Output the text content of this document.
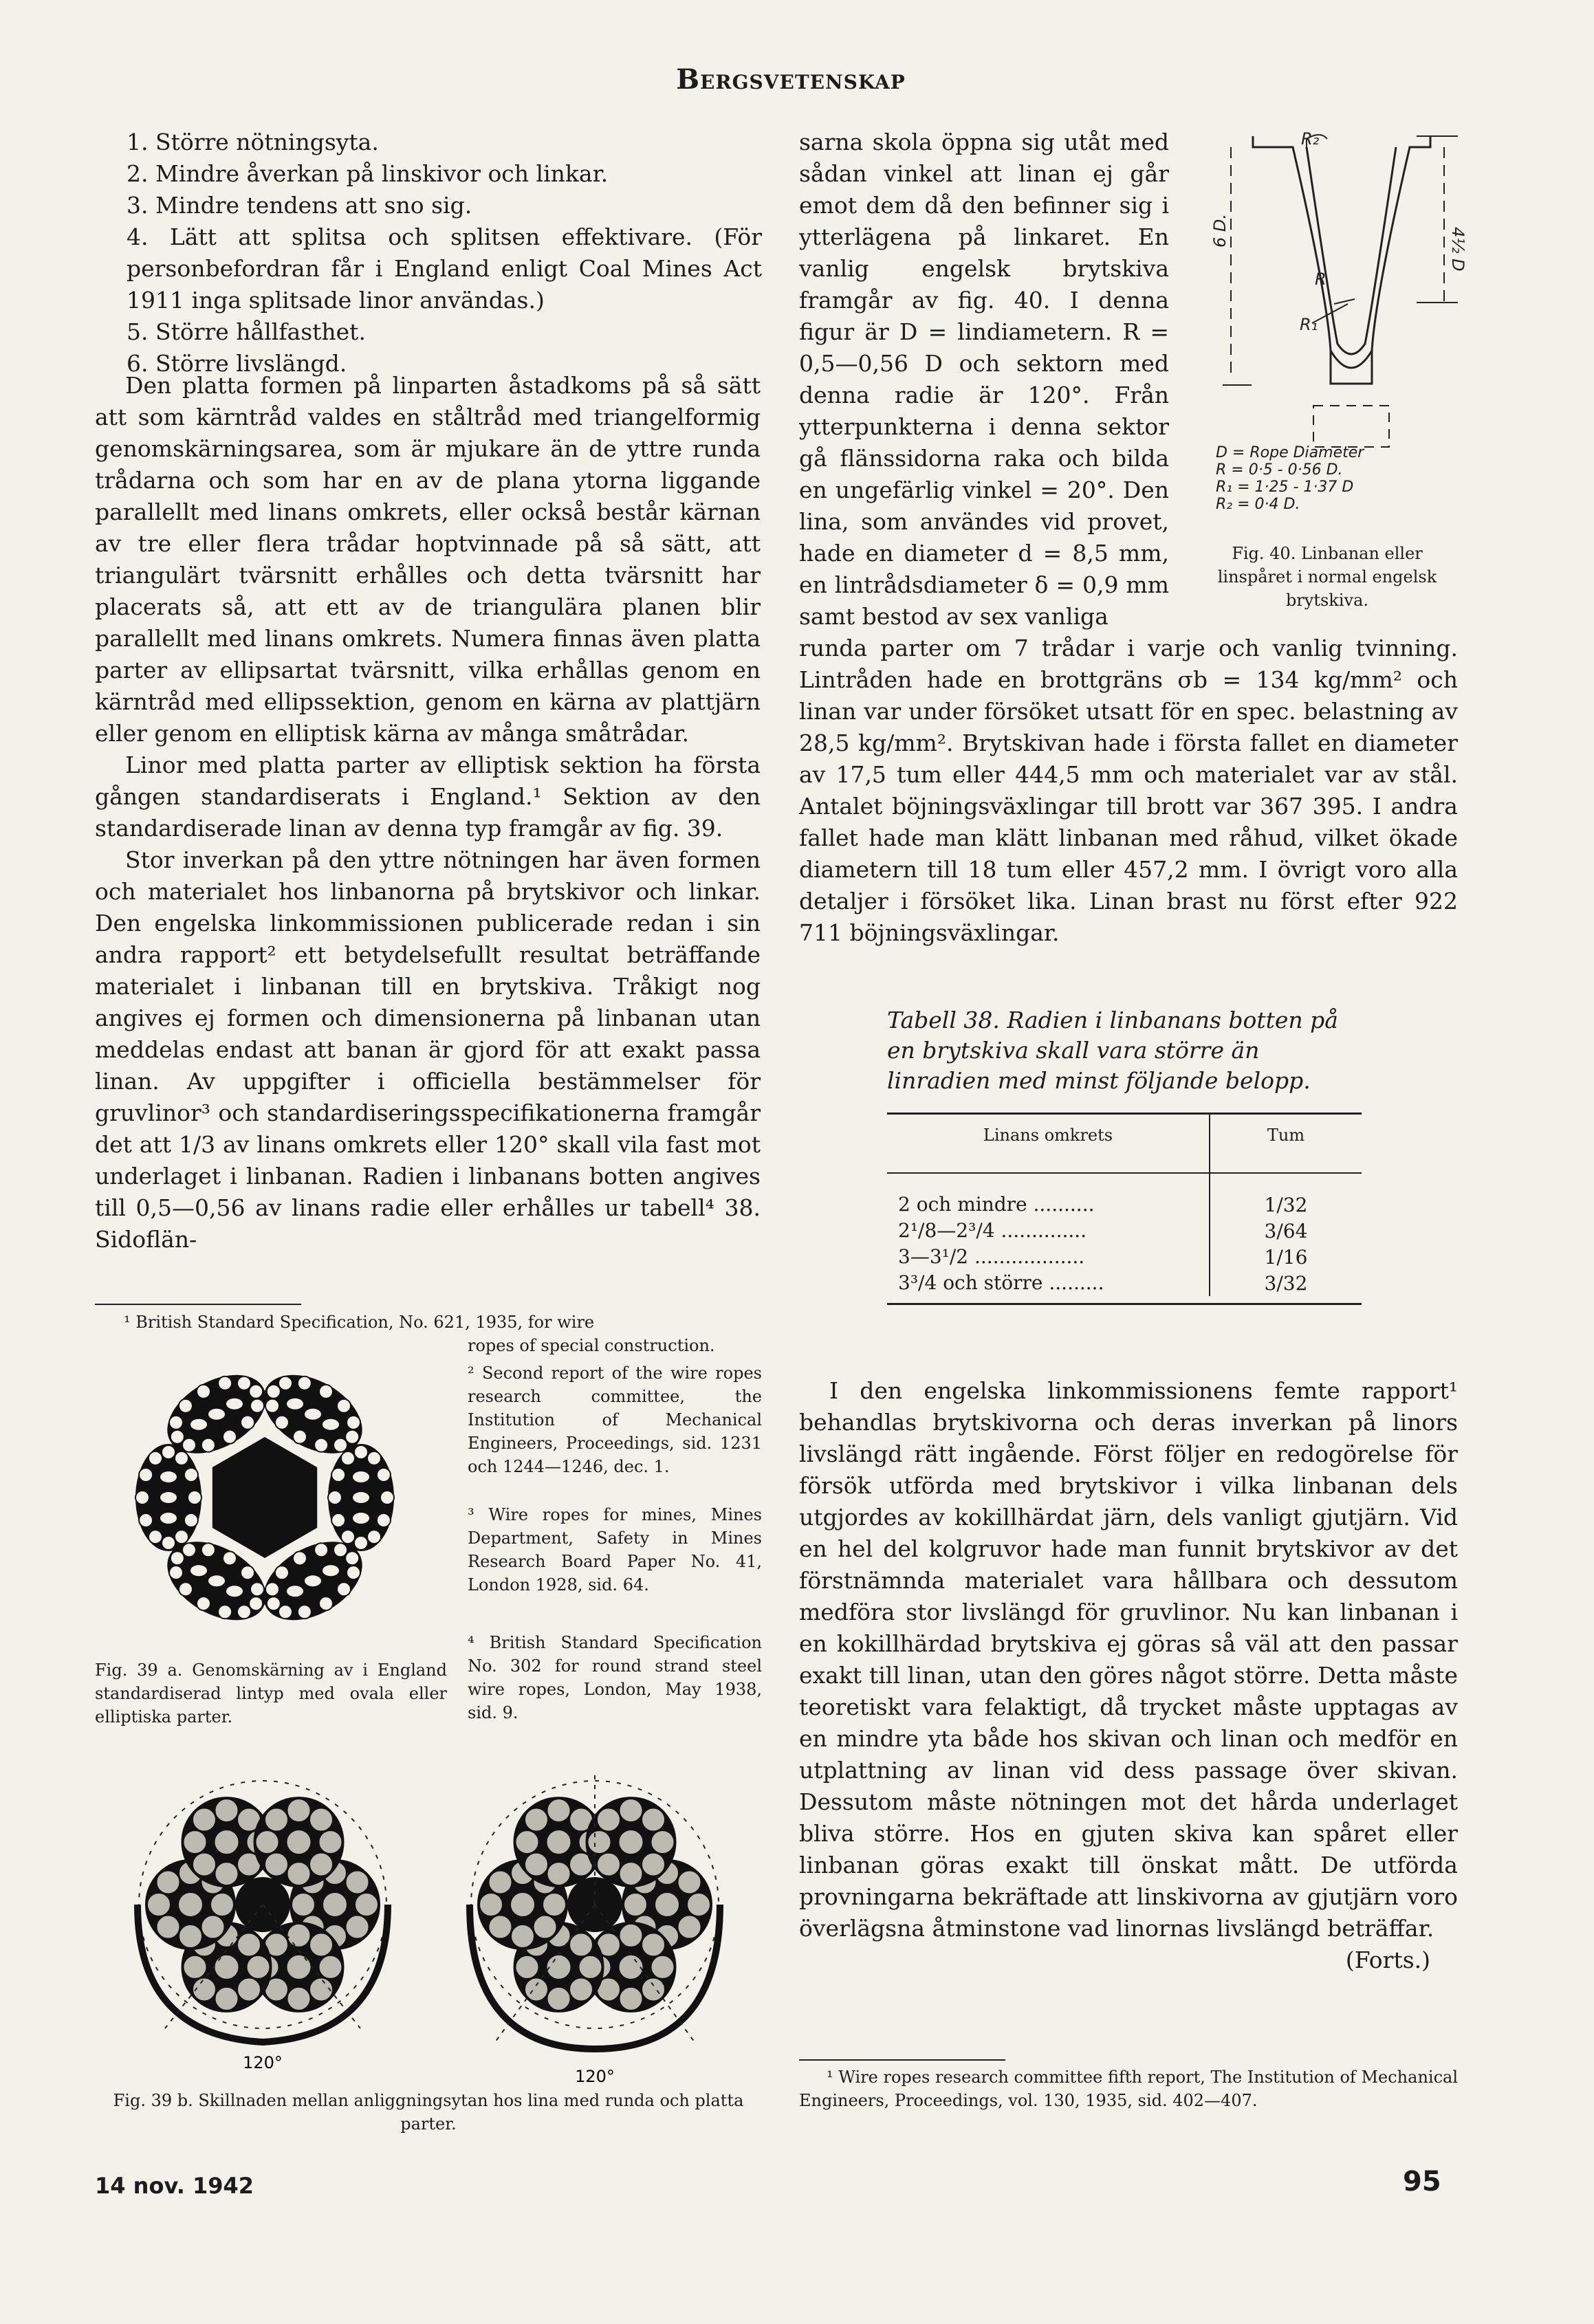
Bergsvetenskap
1. Större nötningsyta.
2. Mindre åverkan på linskivor och linkar.
3. Mindre tendens att sno sig.
4. Lätt att splitsa och splitsen effektivare. (För personbefordran får i England enligt Coal Mines Act 1911 inga splitsade linor användas.)
5. Större hållfasthet.
6. Större livslängd.

Den platta formen på linparten åstadkoms på så sätt att som kärntråd valdes en ståltråd med triangelformig genomskärningsarea, som är mjukare än de yttre runda trådarna och som har en av de plana ytorna liggande parallellt med linans omkrets, eller också består kärnan av tre eller flera trådar hoptvinnade på så sätt, att triangulärt tvärsnitt erhålles och detta tvärsnitt har placerats så, att ett av de triangulära planen blir parallellt med linans omkrets. Numera finnas även platta parter av ellipsartat tvärsnitt, vilka erhållas genom en kärntråd med ellipssektion, genom en kärna av plattjärn eller genom en elliptisk kärna av många småtrådar.

Linor med platta parter av elliptisk sektion ha första gången standardiserats i England.¹ Sektion av den standardiserade linan av denna typ framgår av fig. 39.

Stor inverkan på den yttre nötningen har även formen och materialet hos linbanorna på brytskivor och linkar. Den engelska linkommissionen publicerade redan i sin andra rapport² ett betydelsefullt resultat beträffande materialet i linbanan till en brytskiva. Tråkigt nog angives ej formen och dimensionerna på linbanan utan meddelas endast att banan är gjord för att exakt passa linan. Av uppgifter i officiella bestämmelser för gruvlinor³ och standardiseringsspecifikationerna framgår det att 1/3 av linans omkrets eller 120° skall vila fast mot underlaget i linbanan. Radien i linbanans botten angives till 0,5—0,56 av linans radie eller erhålles ur tabell⁴ 38. Sidoflän-

¹ British Standard Specification, No. 621, 1935, for wire
ropes of special construction.
² Second report of the wire ropes research committee, the Institution of Mechanical Engineers, Proceedings, sid. 1231 och 1244—1246, dec. 1.
³ Wire ropes for mines, Mines Department, Safety in Mines Research Board Paper No. 41, London 1928, sid. 64.
⁴ British Standard Specification No. 302 for round strand steel wire ropes, London, May 1938, sid. 9.
Fig. 39 a. Genomskärning av i England standardiserad lintyp med ovala eller elliptiska parter.
120°
120°
Fig. 39 b. Skillnaden mellan anliggningsytan hos lina med runda och platta parter.

sarna skola öppna sig utåt med sådan vinkel att linan ej går emot dem då den befinner sig i ytterlägena på linkaret. En vanlig engelsk brytskiva framgår av fig. 40. I denna figur är D = lindiametern. R = 0,5—0,56 D och sektorn med denna radie är 120°. Från ytterpunkterna i denna sektor gå flänssidorna raka och bilda en ungefärlig vinkel = 20°. Den lina, som användes vid provet, hade en diameter d = 8,5 mm, en lintrådsdiameter δ = 0,9 mm samt bestod av sex vanliga

R₂
6 D.	4½ D
R
R₁
D = Rope Diameter
R = 0·5 - 0·56 D.
R₁ = 1·25 - 1·37 D
R₂ = 0·4 D.
Fig. 40. Linbanan eller linspåret i normal engelsk brytskiva.

runda parter om 7 trådar i varje och vanlig tvinning. Lintråden hade en brottgräns σb = 134 kg/mm² och linan var under försöket utsatt för en spec. belastning av 28,5 kg/mm². Brytskivan hade i första fallet en diameter av 17,5 tum eller 444,5 mm och materialet var av stål. Antalet böjningsväxlingar till brott var 367 395. I andra fallet hade man klätt linbanan med råhud, vilket ökade diametern till 18 tum eller 457,2 mm. I övrigt voro alla detaljer i försöket lika. Linan brast nu först efter 922 711 böjningsväxlingar.

Tabell 38. Radien i linbanans botten på en brytskiva skall vara större än linradien med minst följande belopp.
Linans omkrets	Tum

2 och mindre ..........	1/32
2¹/8—2³/4 ..............	3/64
3—3¹/2 ..................	1/16
3³/4 och större .........	3/32

I den engelska linkommissionens femte rapport¹ behandlas brytskivorna och deras inverkan på linors livslängd rätt ingående. Först följer en redogörelse för försök utförda med brytskivor i vilka linbanan dels utgjordes av kokillhärdat järn, dels vanligt gjutjärn. Vid en hel del kolgruvor hade man funnit brytskivor av det förstnämnda materialet vara hållbara och dessutom medföra stor livslängd för gruvlinor. Nu kan linbanan i en kokillhärdad brytskiva ej göras så väl att den passar exakt till linan, utan den göres något större. Detta måste teoretiskt vara felaktigt, då trycket måste upptagas av en mindre yta både hos skivan och linan och medför en utplattning av linan vid dess passage över skivan. Dessutom måste nötningen mot det hårda underlaget bliva större. Hos en gjuten skiva kan spåret eller linbanan göras exakt till önskat mått. De utförda provningarna bekräftade att linskivorna av gjutjärn voro överlägsna åtminstone vad linornas livslängd beträffar.

(Forts.)

¹ Wire ropes research committee fifth report, The Institution of Mechanical Engineers, Proceedings, vol. 130, 1935, sid. 402—407.
14 nov. 1942	95
